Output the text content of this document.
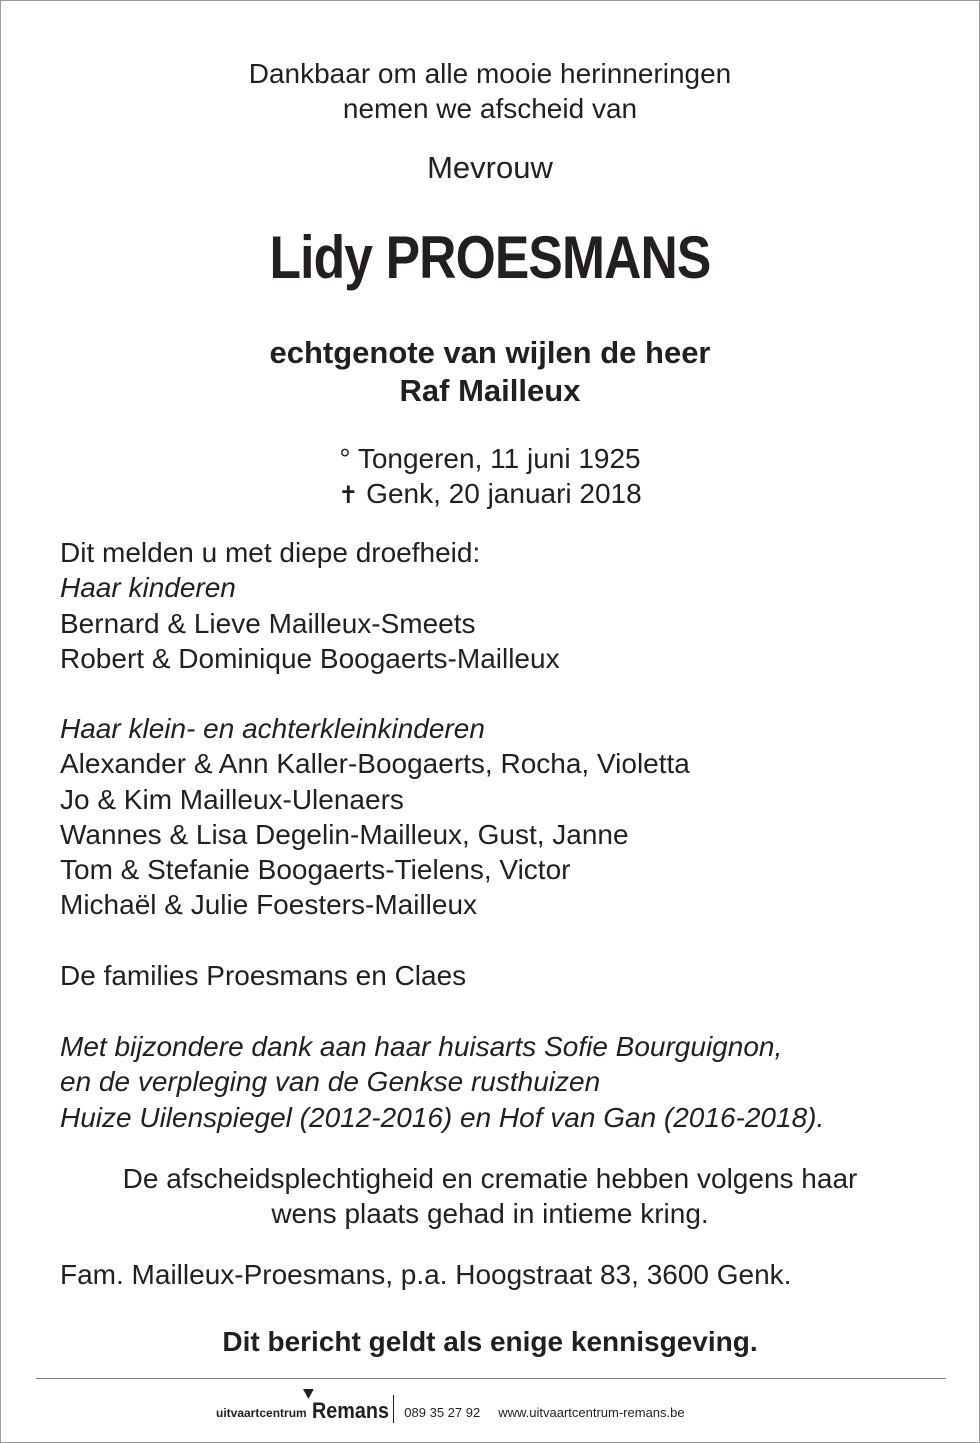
Dankbaar om alle mooie herinneringen
nemen we afscheid van
Mevrouw
Lidy PROESMANS
echtgenote van wijlen de heer
Raf Mailleux
° Tongeren, 11 juni 1925
✝ Genk, 20 januari 2018
Dit melden u met diepe droefheid:
Haar kinderen
Bernard & Lieve Mailleux-Smeets
Robert & Dominique Boogaerts-Mailleux
Haar klein- en achterkleinkinderen
Alexander & Ann Kaller-Boogaerts, Rocha, Violetta
Jo & Kim Mailleux-Ulenaers
Wannes & Lisa Degelin-Mailleux, Gust, Janne
Tom & Stefanie Boogaerts-Tielens, Victor
Michaël & Julie Foesters-Mailleux
De families Proesmans en Claes
Met bijzondere dank aan haar huisarts Sofie Bourguignon,
en de verpleging van de Genkse rusthuizen
Huize Uilenspiegel (2012-2016) en Hof van Gan (2016-2018).
De afscheidsplechtigheid en crematie hebben volgens haar
wens plaats gehad in intieme kring.
Fam. Mailleux-Proesmans, p.a. Hoogstraat 83, 3600 Genk.
Dit bericht geldt als enige kennisgeving.
uitvaartcentrum Remans 089 35 27 92 www.uitvaartcentrum-remans.be
